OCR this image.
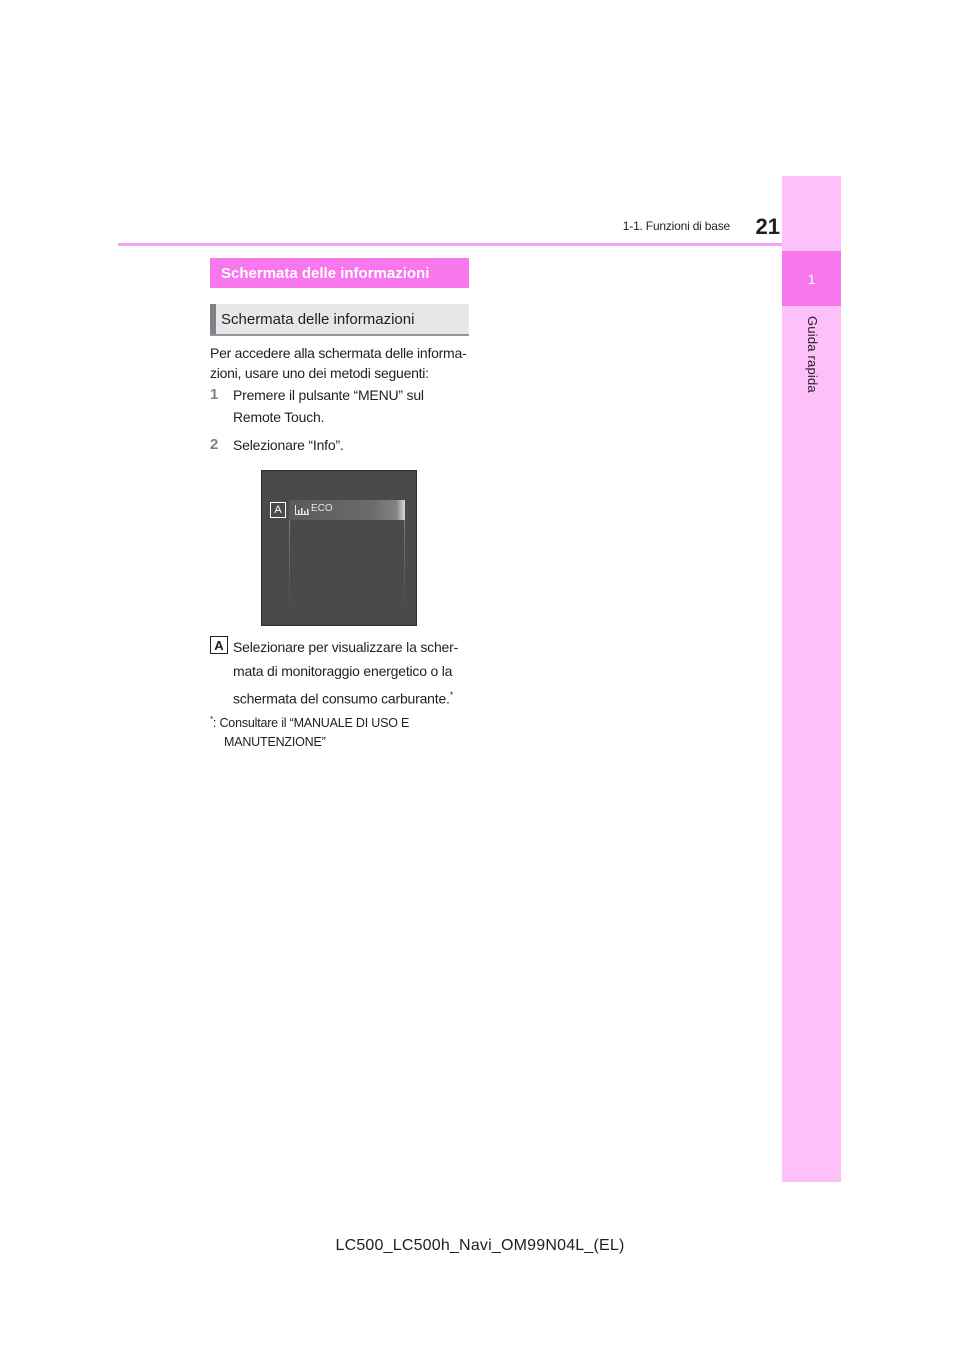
1
Guida rapida
1-1. Funzioni di base	21
Schermata delle informazioni
Schermata delle informazioni

Per accedere alla schermata delle informa-zioni, usare uno dei metodi seguenti:

1	Premere il pulsante “MENU” sul Remote Touch.
2	Selezionare “Info”.
A	ECO
A Selezionare per visualizzare la scher-mata di monitoraggio energetico o la schermata del consumo carburante.*

*: Consultare il “MANUALE DI USO E
MANUTENZIONE”
LC500_LC500h_Navi_OM99N04L_(EL)
